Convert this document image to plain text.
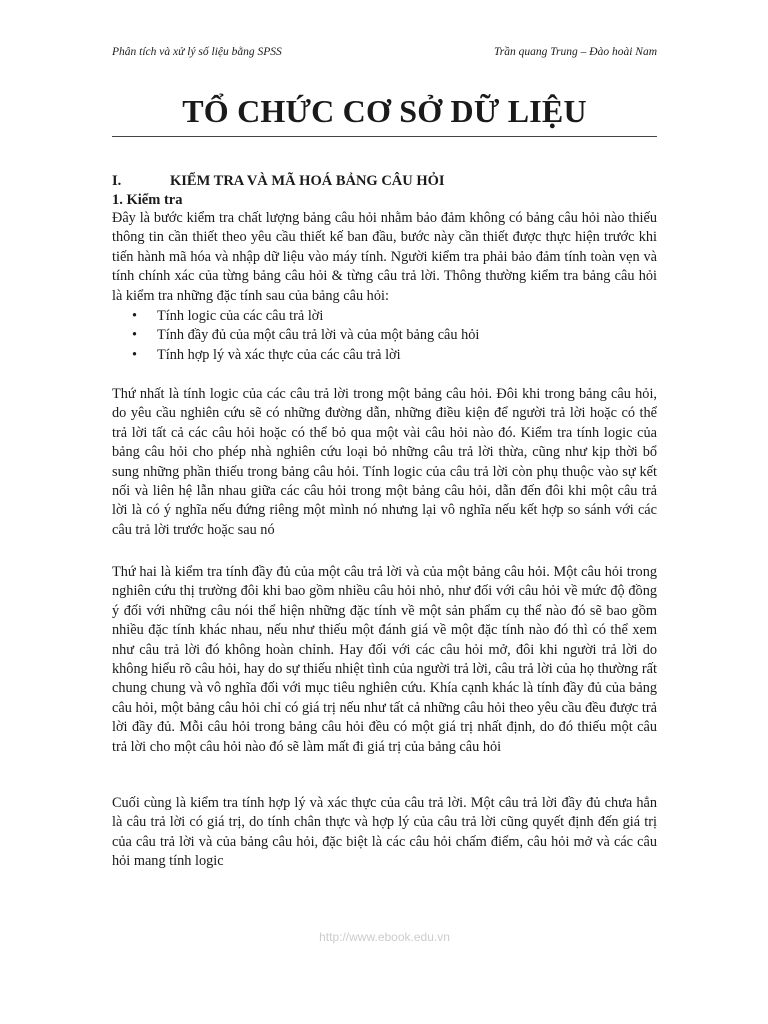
Phân tích và xử lý số liệu bằng SPSS	Trần quang Trung – Đào hoài Nam
TỔ CHỨC CƠ SỞ DỮ LIỆU
I.	KIỂM TRA VÀ MÃ HOÁ BẢNG CÂU HỎI
1. Kiểm tra

Đây là bước kiểm tra chất lượng bảng câu hỏi nhằm bảo đảm không có bảng câu hỏi nào thiếu thông tin cần thiết theo yêu cầu thiết kế ban đầu, bước này cần thiết được thực hiện trước khi tiến hành mã hóa và nhập dữ liệu vào máy tính. Người kiểm tra phải bảo đảm tính toàn vẹn và tính chính xác của từng bảng câu hỏi & từng câu trả lời. Thông thường kiểm tra bảng câu hỏi là kiểm tra những đặc tính sau của bảng câu hỏi:

• Tính logic của các câu trả lời
• Tính đầy đủ của một câu trả lời và của một bảng câu hỏi
• Tính hợp lý và xác thực của các câu trả lời

Thứ nhất là tính logic của các câu trả lời trong một bảng câu hỏi. Đôi khi trong bảng câu hỏi, do yêu cầu nghiên cứu sẽ có những đường dẫn, những điều kiện để người trả lời hoặc có thể trả lời tất cả các câu hỏi hoặc có thể bỏ qua một vài câu hỏi nào đó. Kiểm tra tính logic của bảng câu hỏi cho phép nhà nghiên cứu loại bỏ những câu trả lời thừa, cũng như kịp thời bổ sung những phần thiếu trong bảng câu hỏi. Tính logic của câu trả lời còn phụ thuộc vào sự kết nối và liên hệ lẫn nhau giữa các câu hỏi trong một bảng câu hỏi, dẫn đến đôi khi một câu trả lời là có ý nghĩa nếu đứng riêng một mình nó nhưng lại vô nghĩa nếu kết hợp so sánh với các câu trả lời trước hoặc sau nó

Thứ hai là kiểm tra tính đầy đủ của một câu trả lời và của một bảng câu hỏi. Một câu hỏi trong nghiên cứu thị trường đôi khi bao gồm nhiều câu hỏi nhỏ, như đối với câu hỏi về mức độ đồng ý đối với những câu nói thể hiện những đặc tính về một sản phẩm cụ thể nào đó sẽ bao gồm nhiều đặc tính khác nhau, nếu như thiếu một đánh giá về một đặc tính nào đó thì có thể xem như câu trả lời đó không hoàn chỉnh. Hay đối với các câu hỏi mở, đôi khi người trả lời do không hiểu rõ câu hỏi, hay do sự thiếu nhiệt tình của người trả lời, câu trả lời của họ thường rất chung chung và vô nghĩa đối với mục tiêu nghiên cứu. Khía cạnh khác là tính đầy đủ của bảng câu hỏi, một bảng câu hỏi chỉ có giá trị nếu như tất cả những câu hỏi theo yêu cầu đều được trả lời đầy đủ. Mỗi câu hỏi trong bảng câu hỏi đều có một giá trị nhất định, do đó thiếu một câu trả lời cho một câu hỏi nào đó sẽ làm mất đi giá trị của bảng câu hỏi

Cuối cùng là kiểm tra tính hợp lý và xác thực của câu trả lời. Một câu trả lời đầy đủ chưa hẳn là câu trả lời có giá trị, do tính chân thực và hợp lý của câu trả lời cũng quyết định đến giá trị của câu trả lời và của bảng câu hỏi, đặc biệt là các câu hỏi chấm điểm, câu hỏi mở và các câu hỏi mang tính logic

http://www.ebook.edu.vn
